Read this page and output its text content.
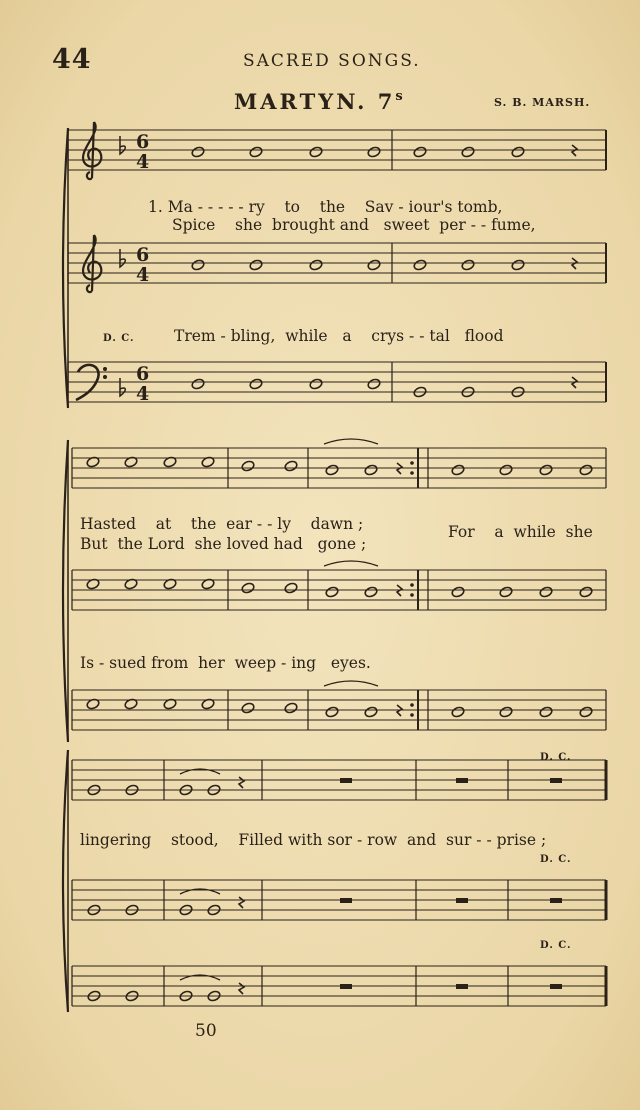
44	SACRED SONGS.
MARTYN. 7$^s$	S. B. MARSH.
6
4
6
4
6
4
1. Ma - - - - - ry    to    the    Sav - iour's tomb,
Spice    she  brought and   sweet  per - - fume,
D. C.	Trem - bling,  while   a    crys - - tal   flood
Hasted    at    the  ear - - ly    dawn ;
But  the Lord  she loved had   gone ;
For    a  while  she
Is - sued from  her  weep - ing   eyes.
D. C.
lingering    stood,    Filled with sor - row  and  sur - - prise ;
D. C.
D. C.
50
